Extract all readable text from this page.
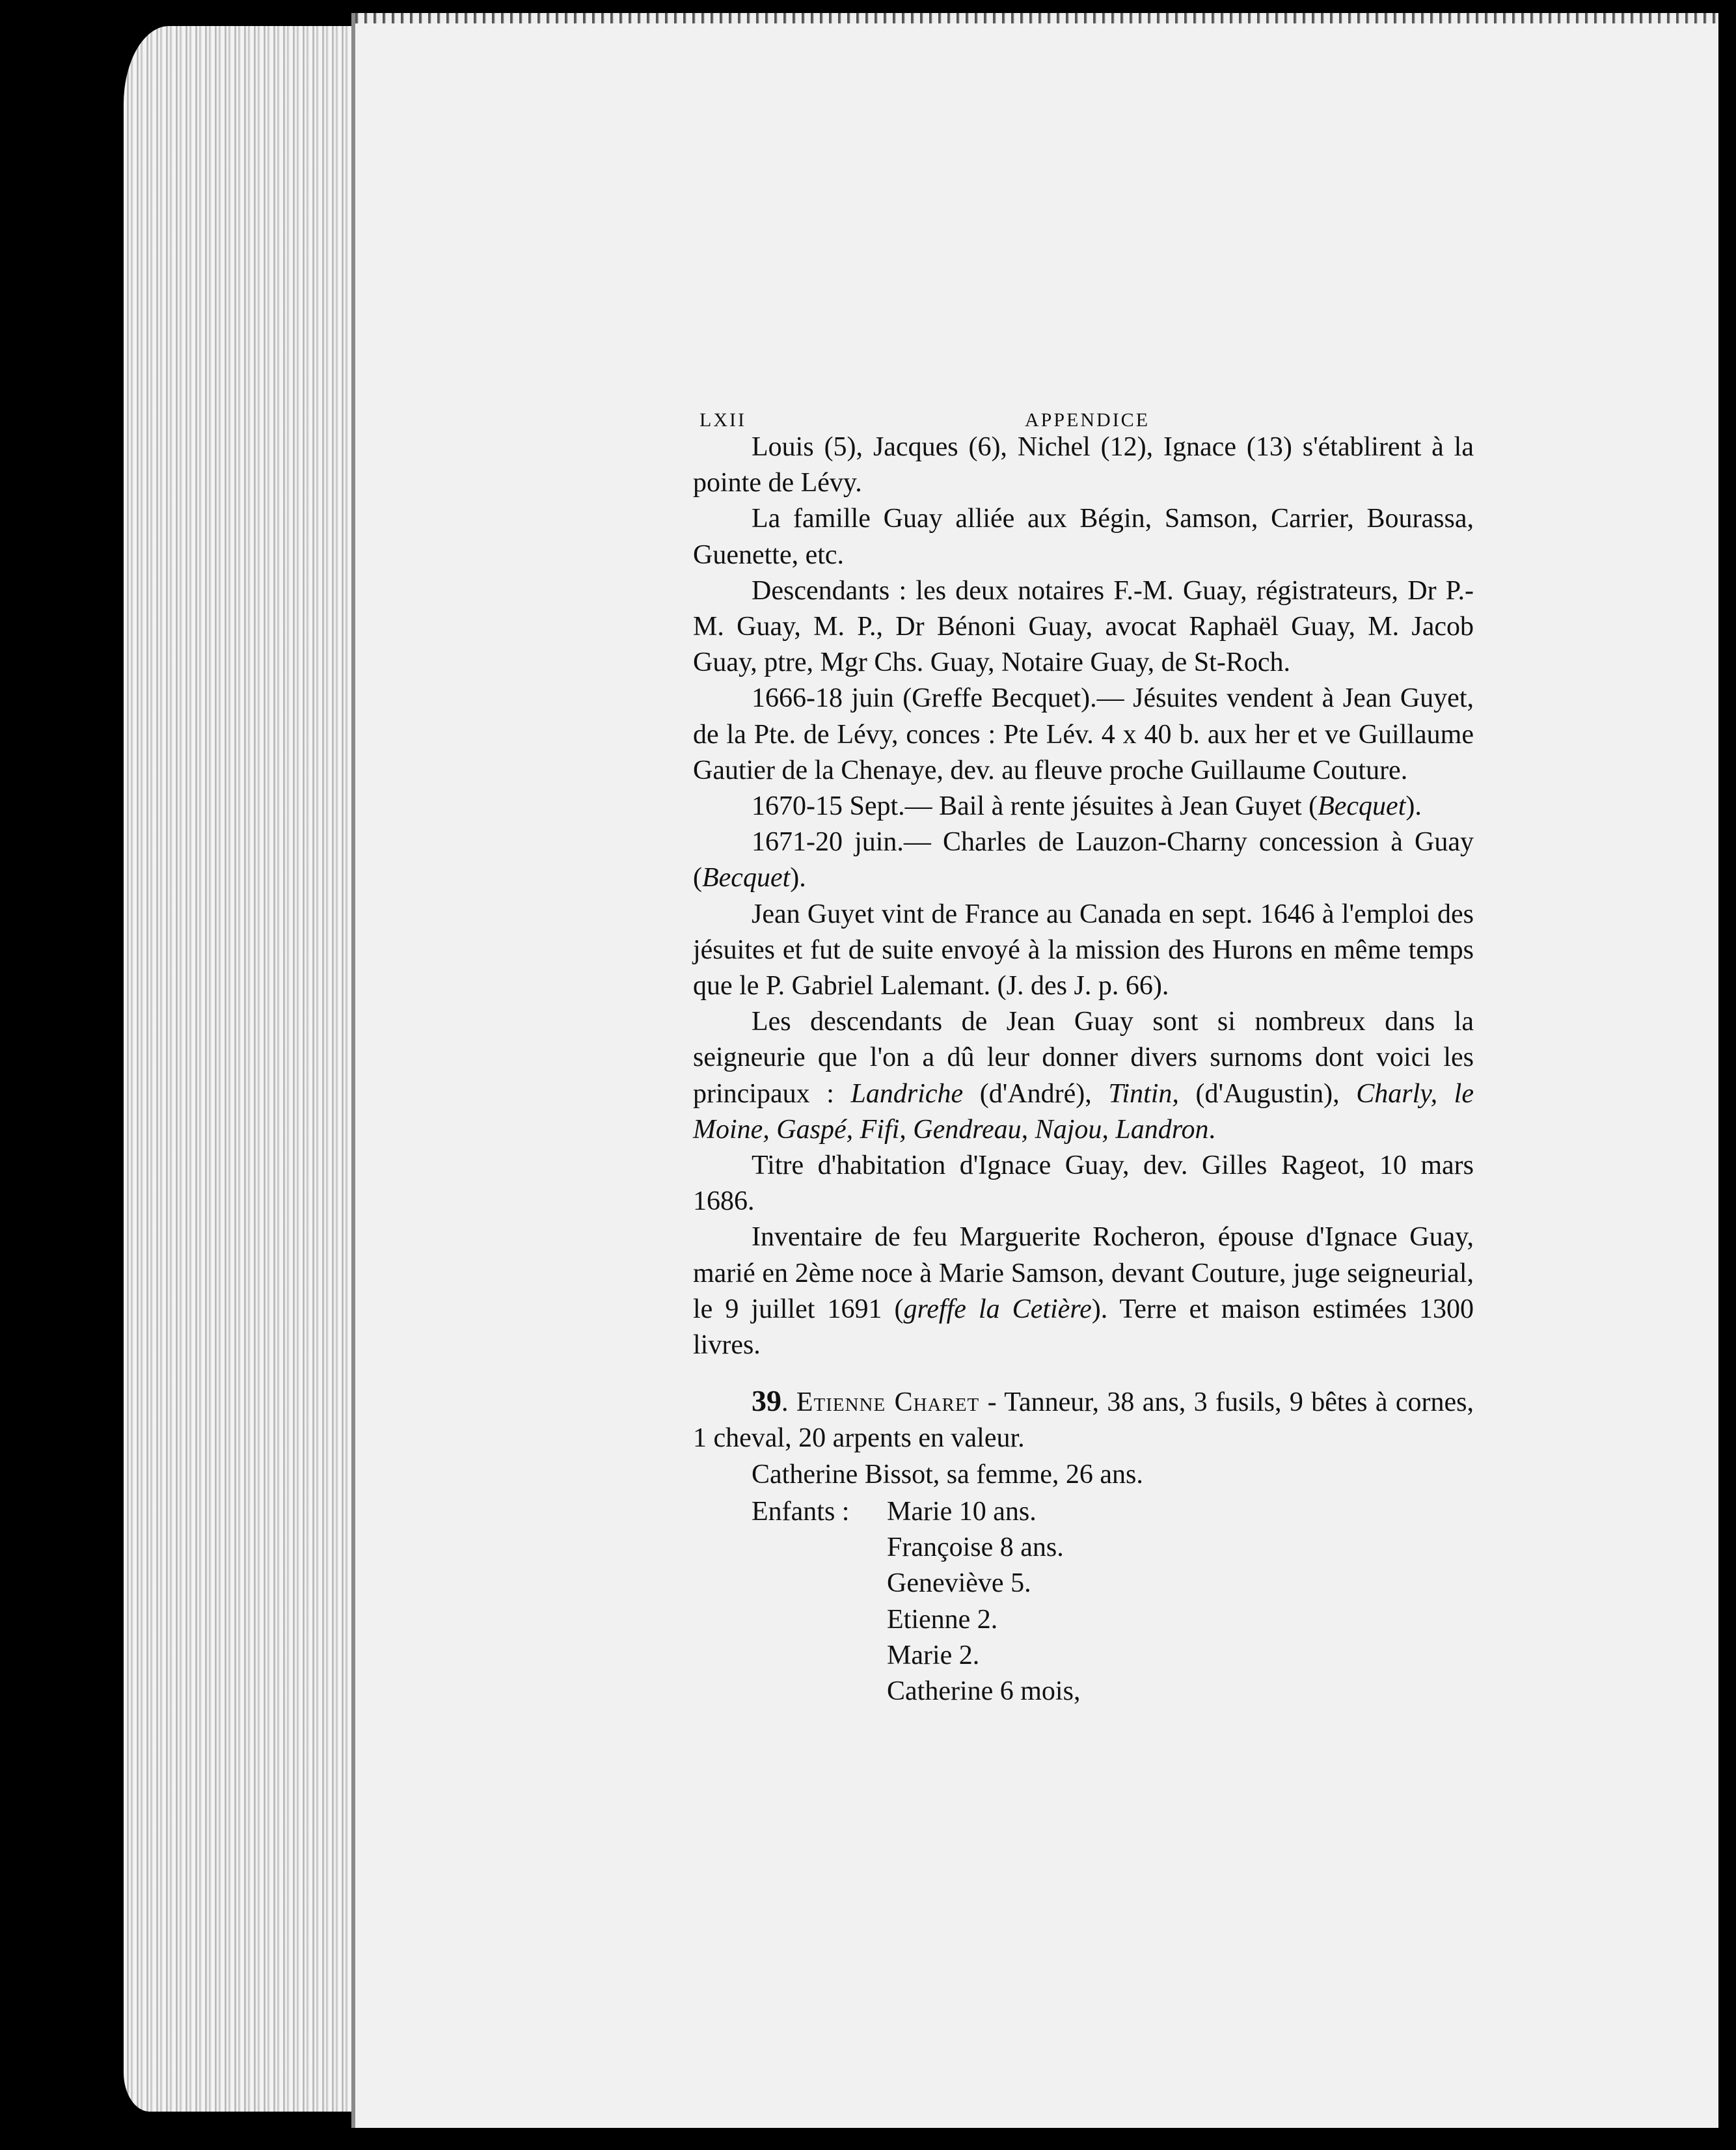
LXII	APPENDICE

Louis (5), Jacques (6), Nichel (12), Ignace (13) s'établirent à la pointe de Lévy.

La famille Guay alliée aux Bégin, Samson, Carrier, Bourassa, Guenette, etc.

Descendants : les deux notaires F.-M. Guay, régistrateurs, Dr P.-M. Guay, M. P., Dr Bénoni Guay, avocat Raphaël Guay, M. Jacob Guay, ptre, Mgr Chs. Guay, Notaire Guay, de St-Roch.

1666-18 juin (Greffe Becquet).— Jésuites vendent à Jean Guyet, de la Pte. de Lévy, conces : Pte Lév. 4 x 40 b. aux her et ve Guillaume Gautier de la Chenaye, dev. au fleuve proche Guillaume Couture.

1670-15 Sept.— Bail à rente jésuites à Jean Guyet (Becquet).

1671-20 juin.— Charles de Lauzon-Charny concession à Guay (Becquet).

Jean Guyet vint de France au Canada en sept. 1646 à l'emploi des jésuites et fut de suite envoyé à la mission des Hurons en même temps que le P. Gabriel Lalemant. (J. des J. p. 66).

Les descendants de Jean Guay sont si nombreux dans la seigneurie que l'on a dû leur donner divers surnoms dont voici les principaux : Landriche (d'André), Tintin, (d'Augustin), Charly, le Moine, Gaspé, Fifi, Gendreau, Najou, Landron.

Titre d'habitation d'Ignace Guay, dev. Gilles Rageot, 10 mars 1686.

Inventaire de feu Marguerite Rocheron, épouse d'Ignace Guay, marié en 2ème noce à Marie Samson, devant Couture, juge seigneurial, le 9 juillet 1691 (greffe la Cetière). Terre et maison estimées 1300 livres.

39. Etienne Charet - Tanneur, 38 ans, 3 fusils, 9 bêtes à cornes, 1 cheval, 20 arpents en valeur.

Catherine Bissot, sa femme, 26 ans.

Enfants :	Marie 10 ans.
Françoise 8 ans.
Geneviève 5.
Etienne 2.
Marie 2.
Catherine 6 mois,
